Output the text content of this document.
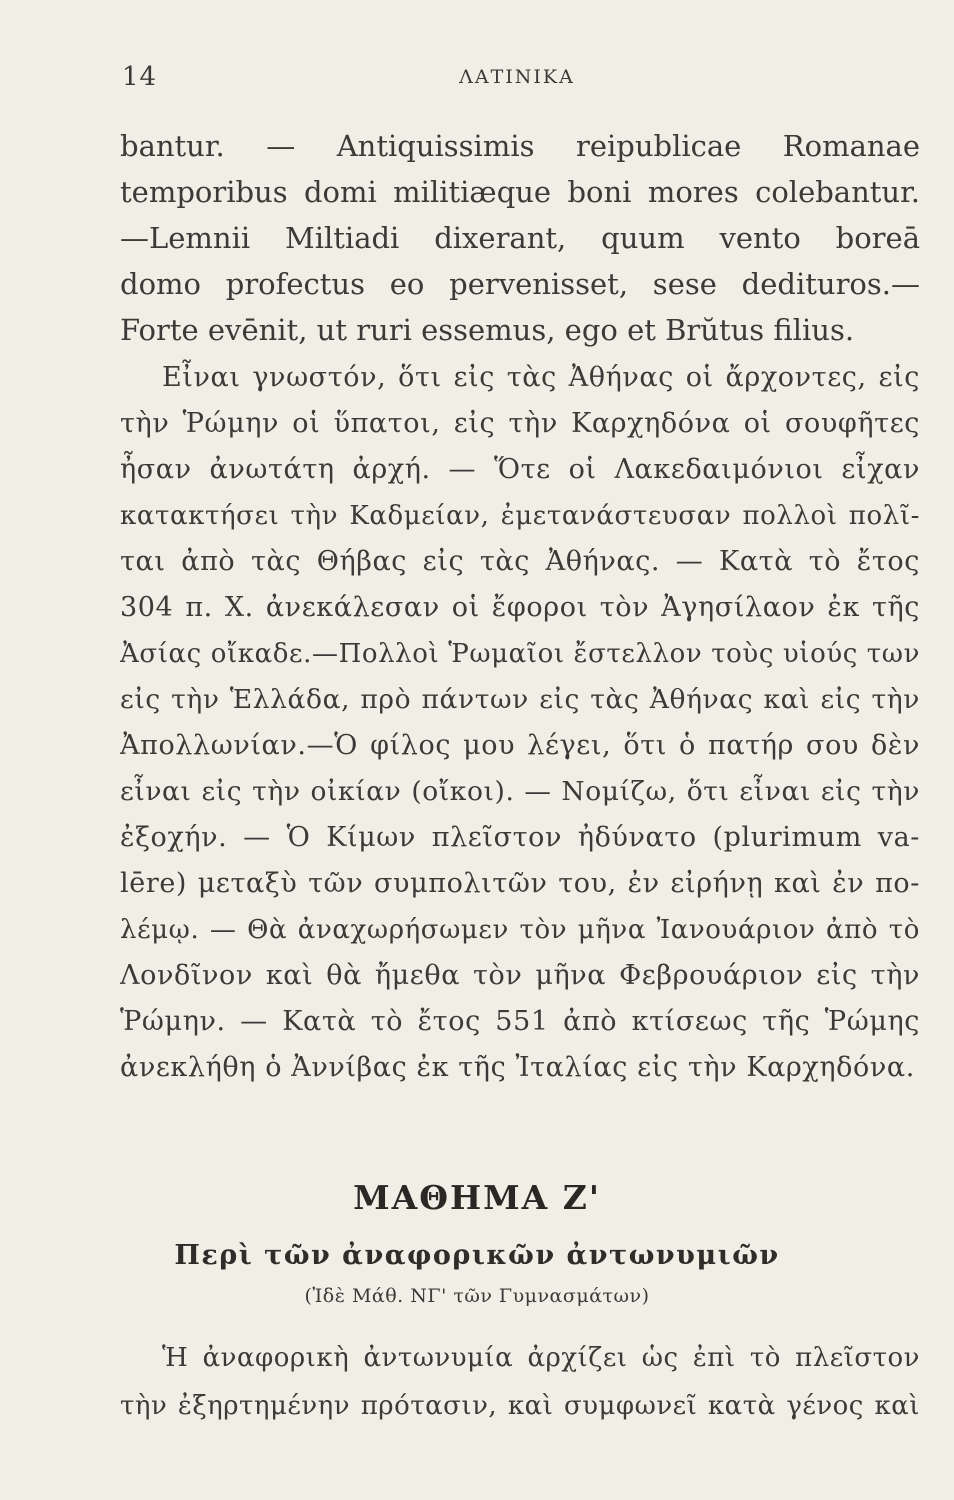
14	ΛΑΤΙΝΙΚΑ
bantur. — Antiquissimis reipublicae Romanae
temporibus domi militiæque boni mores colebantur.
—Lemnii Miltiadi dixerant, quum vento boreā
domo profectus eo pervenisset, sese dedituros.—
Forte evēnit, ut ruri essemus, ego et Brŭtus filius.
Εἶναι γνωστόν, ὅτι εἰς τὰς Ἀθήνας οἱ ἄρχοντες, εἰς
τὴν Ῥώμην οἱ ὕπατοι, εἰς τὴν Καρχηδόνα οἱ σουφῆτες
ἦσαν ἀνωτάτη ἀρχή. — Ὅτε οἱ Λακεδαιμόνιοι εἶχαν
κατακτήσει τὴν Καδμείαν, ἐμετανάστευσαν πολλοὶ πολῖ-
ται ἀπὸ τὰς Θήβας εἰς τὰς Ἀθήνας. — Κατὰ τὸ ἔτος
304 π. Χ. ἀνεκάλεσαν οἱ ἔφοροι τὸν Ἀγησίλαον ἐκ τῆς
Ἀσίας οἴκαδε.—Πολλοὶ Ῥωμαῖοι ἔστελλον τοὺς υἱούς των
εἰς τὴν Ἑλλάδα, πρὸ πάντων εἰς τὰς Ἀθήνας καὶ εἰς τὴν
Ἀπολλωνίαν.—Ὁ φίλος μου λέγει, ὅτι ὁ πατήρ σου δὲν
εἶναι εἰς τὴν οἰκίαν (οἴκοι). — Νομίζω, ὅτι εἶναι εἰς τὴν
ἐξοχήν. — Ὁ Κίμων πλεῖστον ἠδύνατο (plurimum va-
lēre) μεταξὺ τῶν συμπολιτῶν του, ἐν εἰρήνῃ καὶ ἐν πο-
λέμῳ. — Θὰ ἀναχωρήσωμεν τὸν μῆνα Ἰανουάριον ἀπὸ τὸ
Λονδῖνον καὶ θὰ ἤμεθα τὸν μῆνα Φεβρουάριον εἰς τὴν
Ῥώμην. — Κατὰ τὸ ἔτος 551 ἀπὸ κτίσεως τῆς Ῥώμης
ἀνεκλήθη ὁ Ἀννίβας ἐκ τῆς Ἰταλίας εἰς τὴν Καρχηδόνα.
ΜΑΘΗΜΑ Ζ'
Περὶ τῶν ἀναφορικῶν ἀντωνυμιῶν
(Ἰδὲ Μάθ. ΝΓ' τῶν Γυμνασμάτων)
Ἡ ἀναφορικὴ ἀντωνυμία ἀρχίζει ὡς ἐπὶ τὸ πλεῖστον
τὴν ἐξηρτημένην πρότασιν, καὶ συμφωνεῖ κατὰ γένος καὶ
